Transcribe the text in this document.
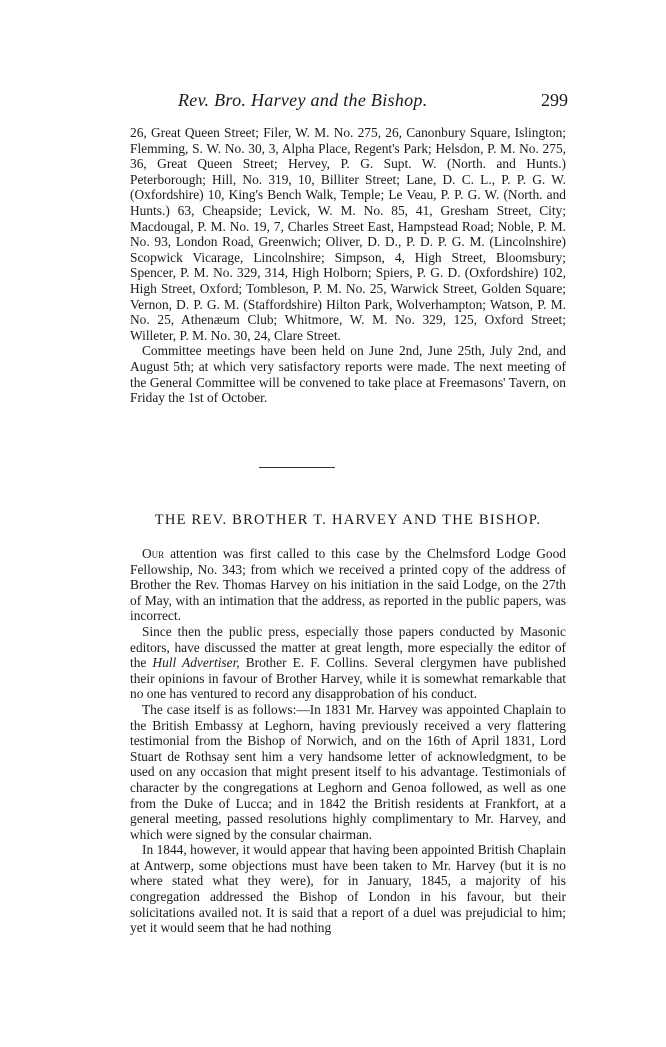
Rev. Bro. Harvey and the Bishop.	299

26, Great Queen Street; Filer, W. M. No. 275, 26, Canonbury Square, Islington; Flemming, S. W. No. 30, 3, Alpha Place, Regent's Park; Helsdon, P. M. No. 275, 36, Great Queen Street; Hervey, P. G. Supt. W. (North. and Hunts.) Peterborough; Hill, No. 319, 10, Billiter Street; Lane, D. C. L., P. P. G. W. (Oxfordshire) 10, King's Bench Walk, Temple; Le Veau, P. P. G. W. (North. and Hunts.) 63, Cheapside; Levick, W. M. No. 85, 41, Gresham Street, City; Macdougal, P. M. No. 19, 7, Charles Street East, Hampstead Road; Noble, P. M. No. 93, London Road, Greenwich; Oliver, D. D., P. D. P. G. M. (Lincolnshire) Scopwick Vicarage, Lincolnshire; Simpson, 4, High Street, Bloomsbury; Spencer, P. M. No. 329, 314, High Holborn; Spiers, P. G. D. (Oxfordshire) 102, High Street, Oxford; Tombleson, P. M. No. 25, Warwick Street, Golden Square; Vernon, D. P. G. M. (Staffordshire) Hilton Park, Wolverhampton; Watson, P. M. No. 25, Athenæum Club; Whitmore, W. M. No. 329, 125, Oxford Street; Willeter, P. M. No. 30, 24, Clare Street.

Committee meetings have been held on June 2nd, June 25th, July 2nd, and August 5th; at which very satisfactory reports were made. The next meeting of the General Committee will be convened to take place at Freemasons' Tavern, on Friday the 1st of October.

THE REV. BROTHER T. HARVEY AND THE BISHOP.

Our attention was first called to this case by the Chelmsford Lodge Good Fellowship, No. 343; from which we received a printed copy of the address of Brother the Rev. Thomas Harvey on his initiation in the said Lodge, on the 27th of May, with an intimation that the address, as reported in the public papers, was incorrect.

Since then the public press, especially those papers conducted by Masonic editors, have discussed the matter at great length, more especially the editor of the Hull Advertiser, Brother E. F. Collins. Several clergymen have published their opinions in favour of Brother Harvey, while it is somewhat remarkable that no one has ventured to record any disapprobation of his conduct.

The case itself is as follows:—In 1831 Mr. Harvey was appointed Chaplain to the British Embassy at Leghorn, having previously received a very flattering testimonial from the Bishop of Norwich, and on the 16th of April 1831, Lord Stuart de Rothsay sent him a very handsome letter of acknowledgment, to be used on any occasion that might present itself to his advantage. Testimonials of character by the congregations at Leghorn and Genoa followed, as well as one from the Duke of Lucca; and in 1842 the British residents at Frankfort, at a general meeting, passed resolutions highly complimentary to Mr. Harvey, and which were signed by the consular chairman.

In 1844, however, it would appear that having been appointed British Chaplain at Antwerp, some objections must have been taken to Mr. Harvey (but it is no where stated what they were), for in January, 1845, a majority of his congregation addressed the Bishop of London in his favour, but their solicitations availed not. It is said that a report of a duel was prejudicial to him; yet it would seem that he had nothing
